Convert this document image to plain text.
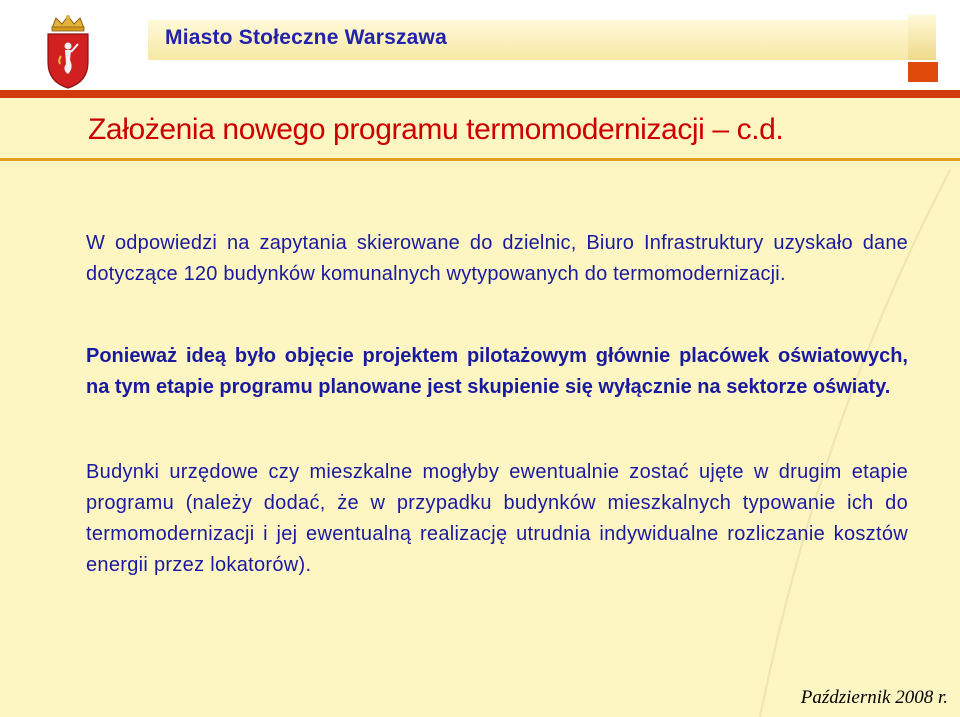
Miasto Stołeczne Warszawa
Założenia nowego programu termomodernizacji – c.d.

W odpowiedzi na zapytania skierowane do dzielnic, Biuro Infrastruktury uzyskało dane dotyczące 120 budynków komunalnych wytypowanych do termomodernizacji.

Ponieważ ideą było objęcie projektem pilotażowym głównie placówek oświatowych, na tym etapie programu planowane jest skupienie się wyłącznie na sektorze oświaty.

Budynki urzędowe czy mieszkalne mogłyby ewentualnie zostać ujęte w drugim etapie programu (należy dodać, że w przypadku budynków mieszkalnych typowanie ich do termomodernizacji i jej ewentualną realizację utrudnia indywidualne rozliczanie kosztów energii przez lokatorów).

Październik 2008 r.
